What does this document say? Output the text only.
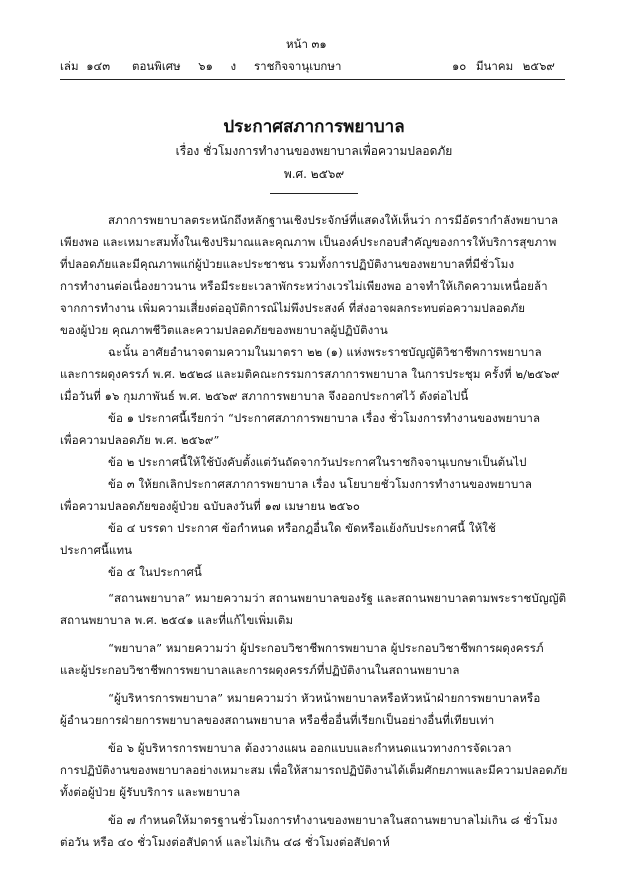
หน้า ๓๑
เล่ม ๑๔๓ ตอนพิเศษ ๖๑ ง ราชกิจจานุเบกษา	๑๐ มีนาคม ๒๕๖๙
ประกาศสภาการพยาบาล
เรื่อง ชั่วโมงการทำงานของพยาบาลเพื่อความปลอดภัย
พ.ศ. ๒๕๖๙
สภาการพยาบาลตระหนักถึงหลักฐานเชิงประจักษ์ที่แสดงให้เห็นว่า การมีอัตรากำลังพยาบาล
เพียงพอ และเหมาะสมทั้งในเชิงปริมาณและคุณภาพ เป็นองค์ประกอบสำคัญของการให้บริการสุขภาพ
ที่ปลอดภัยและมีคุณภาพแก่ผู้ป่วยและประชาชน รวมทั้งการปฏิบัติงานของพยาบาลที่มีชั่วโมง
การทำงานต่อเนื่องยาวนาน หรือมีระยะเวลาพักระหว่างเวรไม่เพียงพอ อาจทำให้เกิดความเหนื่อยล้า
จากการทำงาน เพิ่มความเสี่ยงต่ออุบัติการณ์ไม่พึงประสงค์ ที่ส่งอาจผลกระทบต่อความปลอดภัย
ของผู้ป่วย คุณภาพชีวิตและความปลอดภัยของพยาบาลผู้ปฏิบัติงาน
ฉะนั้น อาศัยอำนาจตามความในมาตรา ๒๒ (๑) แห่งพระราชบัญญัติวิชาชีพการพยาบาล
และการผดุงครรภ์ พ.ศ. ๒๕๒๘ และมติคณะกรรมการสภาการพยาบาล ในการประชุม ครั้งที่ ๒/๒๕๖๙
เมื่อวันที่ ๑๖ กุมภาพันธ์ พ.ศ. ๒๕๖๙ สภาการพยาบาล จึงออกประกาศไว้ ดังต่อไปนี้
ข้อ ๑ ประกาศนี้เรียกว่า “ประกาศสภาการพยาบาล เรื่อง ชั่วโมงการทำงานของพยาบาล
เพื่อความปลอดภัย พ.ศ. ๒๕๖๙”
ข้อ ๒ ประกาศนี้ให้ใช้บังคับตั้งแต่วันถัดจากวันประกาศในราชกิจจานุเบกษาเป็นต้นไป
ข้อ ๓ ให้ยกเลิกประกาศสภาการพยาบาล เรื่อง นโยบายชั่วโมงการทำงานของพยาบาล
เพื่อความปลอดภัยของผู้ป่วย ฉบับลงวันที่ ๑๗ เมษายน ๒๕๖๐
ข้อ ๔ บรรดา ประกาศ ข้อกำหนด หรือกฎอื่นใด ขัดหรือแย้งกับประกาศนี้ ให้ใช้
ประกาศนี้แทน
ข้อ ๕ ในประกาศนี้
“สถานพยาบาล” หมายความว่า สถานพยาบาลของรัฐ และสถานพยาบาลตามพระราชบัญญัติ
สถานพยาบาล พ.ศ. ๒๕๔๑ และที่แก้ไขเพิ่มเติม
“พยาบาล” หมายความว่า ผู้ประกอบวิชาชีพการพยาบาล ผู้ประกอบวิชาชีพการผดุงครรภ์
และผู้ประกอบวิชาชีพการพยาบาลและการผดุงครรภ์ที่ปฏิบัติงานในสถานพยาบาล
“ผู้บริหารการพยาบาล” หมายความว่า หัวหน้าพยาบาลหรือหัวหน้าฝ่ายการพยาบาลหรือ
ผู้อำนวยการฝ่ายการพยาบาลของสถานพยาบาล หรือชื่ออื่นที่เรียกเป็นอย่างอื่นที่เทียบเท่า
ข้อ ๖ ผู้บริหารการพยาบาล ต้องวางแผน ออกแบบและกำหนดแนวทางการจัดเวลา
การปฏิบัติงานของพยาบาลอย่างเหมาะสม เพื่อให้สามารถปฏิบัติงานได้เต็มศักยภาพและมีความปลอดภัย
ทั้งต่อผู้ป่วย ผู้รับบริการ และพยาบาล
ข้อ ๗ กำหนดให้มาตรฐานชั่วโมงการทำงานของพยาบาลในสถานพยาบาลไม่เกิน ๘ ชั่วโมง
ต่อวัน หรือ ๔๐ ชั่วโมงต่อสัปดาห์ และไม่เกิน ๔๘ ชั่วโมงต่อสัปดาห์
